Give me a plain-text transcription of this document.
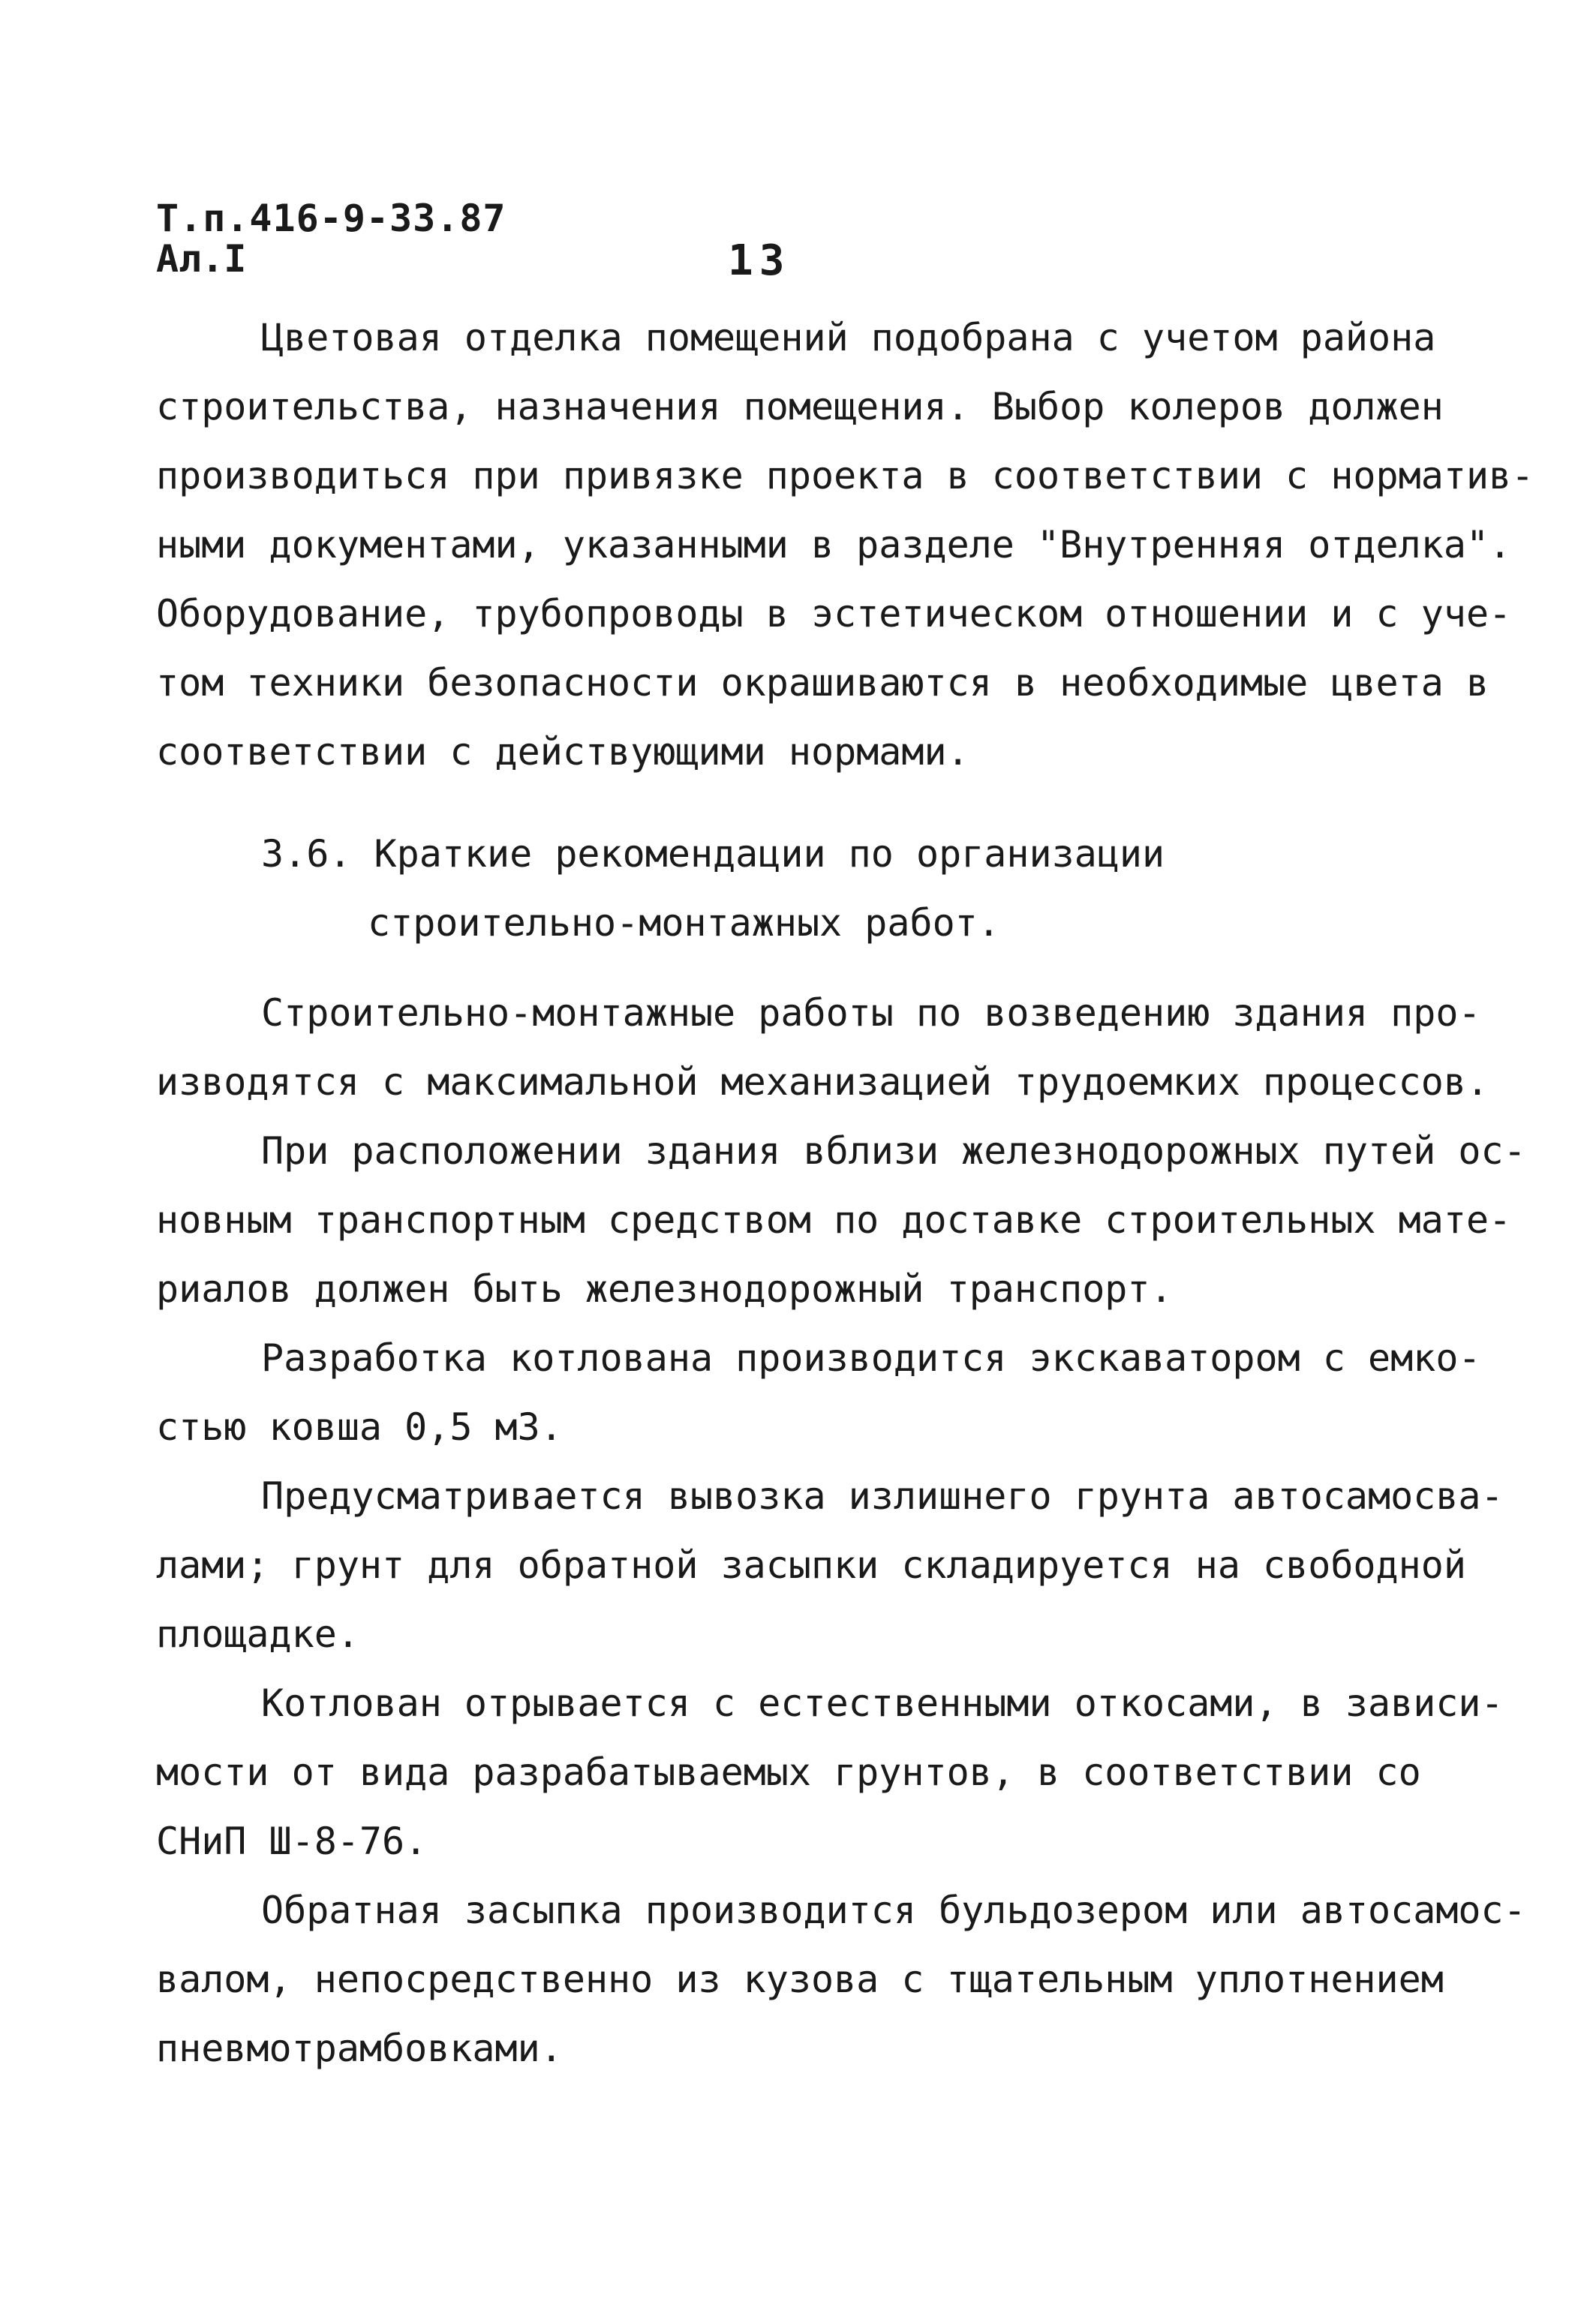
Т.п.416-9-33.87
Ал.I	13
Цветовая отделка помещений подобрана с учетом района
строительства, назначения помещения. Выбор колеров должен
производиться при привязке проекта в соответствии с норматив-
ными документами, указанными в разделе "Внутренняя отделка".
Оборудование, трубопроводы в эстетическом отношении и с уче-
том техники безопасности окрашиваются в необходимые цвета в
соответствии с действующими нормами.
3.6. Краткие рекомендации по организации
строительно-монтажных работ.
Строительно-монтажные работы по возведению здания про-
изводятся с максимальной механизацией трудоемких процессов.
При расположении здания вблизи железнодорожных путей ос-
новным транспортным средством по доставке строительных мате-
риалов должен быть железнодорожный транспорт.
Разработка котлована производится экскаватором с емко-
стью ковша 0,5 м3.
Предусматривается вывозка излишнего грунта автосамосва-
лами; грунт для обратной засыпки складируется на свободной
площадке.
Котлован отрывается с естественными откосами, в зависи-
мости от вида разрабатываемых грунтов, в соответствии со
СНиП Ш-8-76.
Обратная засыпка производится бульдозером или автосамос-
валом, непосредственно из кузова с тщательным уплотнением
пневмотрамбовками.
